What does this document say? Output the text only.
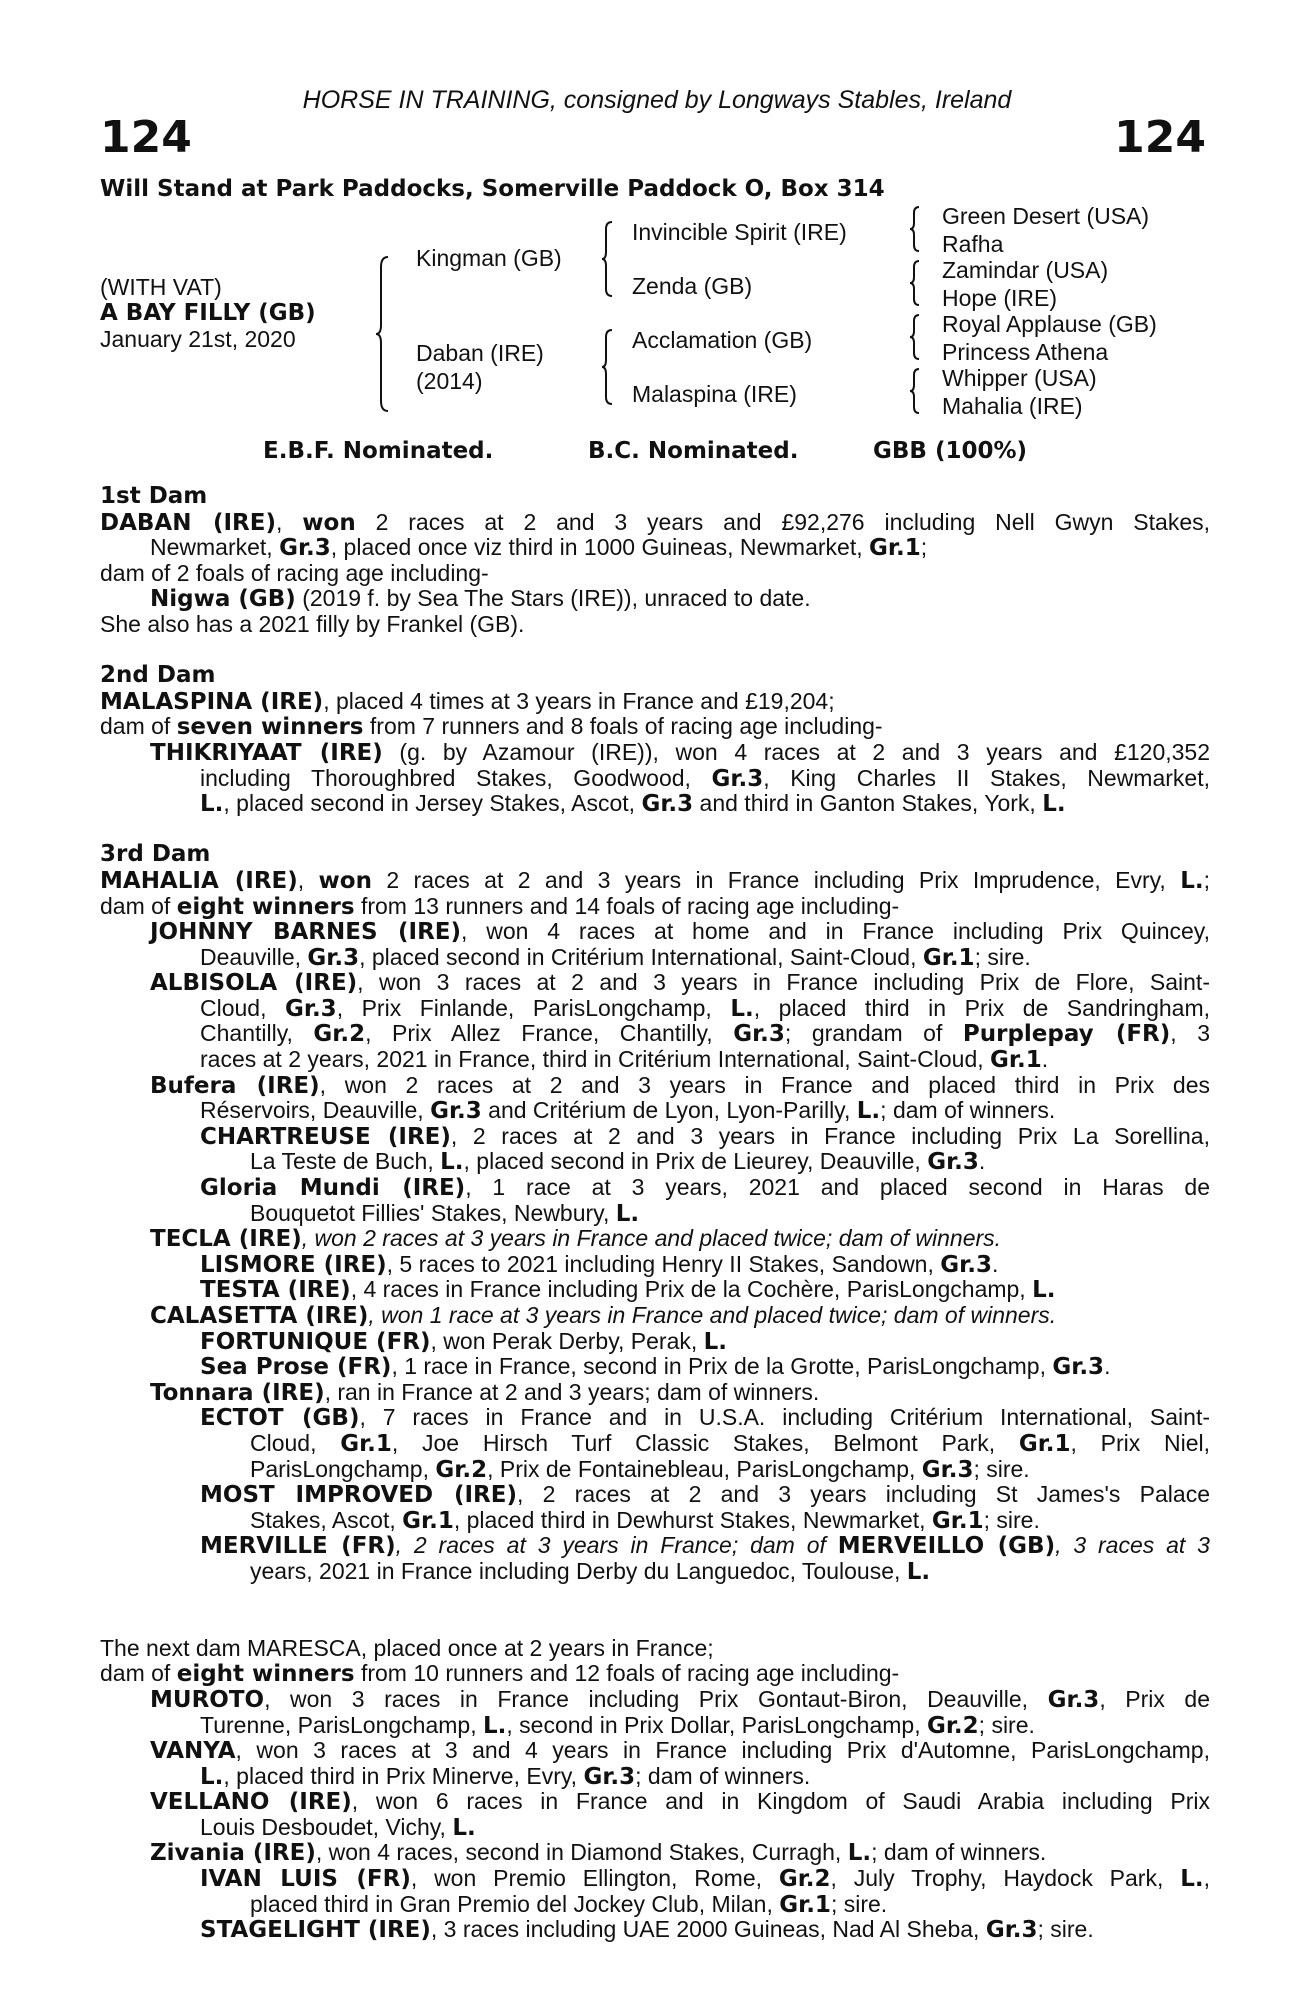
HORSE IN TRAINING, consigned by Longways Stables, Ireland
124	124
Will Stand at Park Paddocks, Somerville Paddock O, Box 314
(WITH VAT)
A BAY FILLY (GB)
January 21st, 2020
Kingman (GB)
Daban (IRE)
(2014)
Invincible Spirit (IRE)
Zenda (GB)
Acclamation (GB)
Malaspina (IRE)
Green Desert (USA)
Rafha
Zamindar (USA)
Hope (IRE)
Royal Applause (GB)
Princess Athena
Whipper (USA)
Mahalia (IRE)
E.B.F. Nominated.	B.C. Nominated.	GBB (100%)
1st Dam
DABAN (IRE), won 2 races at 2 and 3 years and £92,276 including Nell Gwyn Stakes,
Newmarket, Gr.3, placed once viz third in 1000 Guineas, Newmarket, Gr.1;
dam of 2 foals of racing age including-
Nigwa (GB) (2019 f. by Sea The Stars (IRE)), unraced to date.
She also has a 2021 filly by Frankel (GB).
2nd Dam
MALASPINA (IRE), placed 4 times at 3 years in France and £19,204;
dam of seven winners from 7 runners and 8 foals of racing age including-
THIKRIYAAT (IRE) (g. by Azamour (IRE)), won 4 races at 2 and 3 years and £120,352
including Thoroughbred Stakes, Goodwood, Gr.3, King Charles II Stakes, Newmarket,
L., placed second in Jersey Stakes, Ascot, Gr.3 and third in Ganton Stakes, York, L.
3rd Dam
MAHALIA (IRE), won 2 races at 2 and 3 years in France including Prix Imprudence, Evry, L.;
dam of eight winners from 13 runners and 14 foals of racing age including-
JOHNNY BARNES (IRE), won 4 races at home and in France including Prix Quincey,
Deauville, Gr.3, placed second in Critérium International, Saint-Cloud, Gr.1; sire.
ALBISOLA (IRE), won 3 races at 2 and 3 years in France including Prix de Flore, Saint-
Cloud, Gr.3, Prix Finlande, ParisLongchamp, L., placed third in Prix de Sandringham,
Chantilly, Gr.2, Prix Allez France, Chantilly, Gr.3; grandam of Purplepay (FR), 3
races at 2 years, 2021 in France, third in Critérium International, Saint-Cloud, Gr.1.
Bufera (IRE), won 2 races at 2 and 3 years in France and placed third in Prix des
Réservoirs, Deauville, Gr.3 and Critérium de Lyon, Lyon-Parilly, L.; dam of winners.
CHARTREUSE (IRE), 2 races at 2 and 3 years in France including Prix La Sorellina,
La Teste de Buch, L., placed second in Prix de Lieurey, Deauville, Gr.3.
Gloria Mundi (IRE), 1 race at 3 years, 2021 and placed second in Haras de
Bouquetot Fillies' Stakes, Newbury, L.
TECLA (IRE), won 2 races at 3 years in France and placed twice; dam of winners.
LISMORE (IRE), 5 races to 2021 including Henry II Stakes, Sandown, Gr.3.
TESTA (IRE), 4 races in France including Prix de la Cochère, ParisLongchamp, L.
CALASETTA (IRE), won 1 race at 3 years in France and placed twice; dam of winners.
FORTUNIQUE (FR), won Perak Derby, Perak, L.
Sea Prose (FR), 1 race in France, second in Prix de la Grotte, ParisLongchamp, Gr.3.
Tonnara (IRE), ran in France at 2 and 3 years; dam of winners.
ECTOT (GB), 7 races in France and in U.S.A. including Critérium International, Saint-
Cloud, Gr.1, Joe Hirsch Turf Classic Stakes, Belmont Park, Gr.1, Prix Niel,
ParisLongchamp, Gr.2, Prix de Fontainebleau, ParisLongchamp, Gr.3; sire.
MOST IMPROVED (IRE), 2 races at 2 and 3 years including St James's Palace
Stakes, Ascot, Gr.1, placed third in Dewhurst Stakes, Newmarket, Gr.1; sire.
MERVILLE (FR), 2 races at 3 years in France; dam of MERVEILLO (GB), 3 races at 3
years, 2021 in France including Derby du Languedoc, Toulouse, L.
The next dam MARESCA, placed once at 2 years in France;
dam of eight winners from 10 runners and 12 foals of racing age including-
MUROTO, won 3 races in France including Prix Gontaut-Biron, Deauville, Gr.3, Prix de
Turenne, ParisLongchamp, L., second in Prix Dollar, ParisLongchamp, Gr.2; sire.
VANYA, won 3 races at 3 and 4 years in France including Prix d'Automne, ParisLongchamp,
L., placed third in Prix Minerve, Evry, Gr.3; dam of winners.
VELLANO (IRE), won 6 races in France and in Kingdom of Saudi Arabia including Prix
Louis Desboudet, Vichy, L.
Zivania (IRE), won 4 races, second in Diamond Stakes, Curragh, L.; dam of winners.
IVAN LUIS (FR), won Premio Ellington, Rome, Gr.2, July Trophy, Haydock Park, L.,
placed third in Gran Premio del Jockey Club, Milan, Gr.1; sire.
STAGELIGHT (IRE), 3 races including UAE 2000 Guineas, Nad Al Sheba, Gr.3; sire.
